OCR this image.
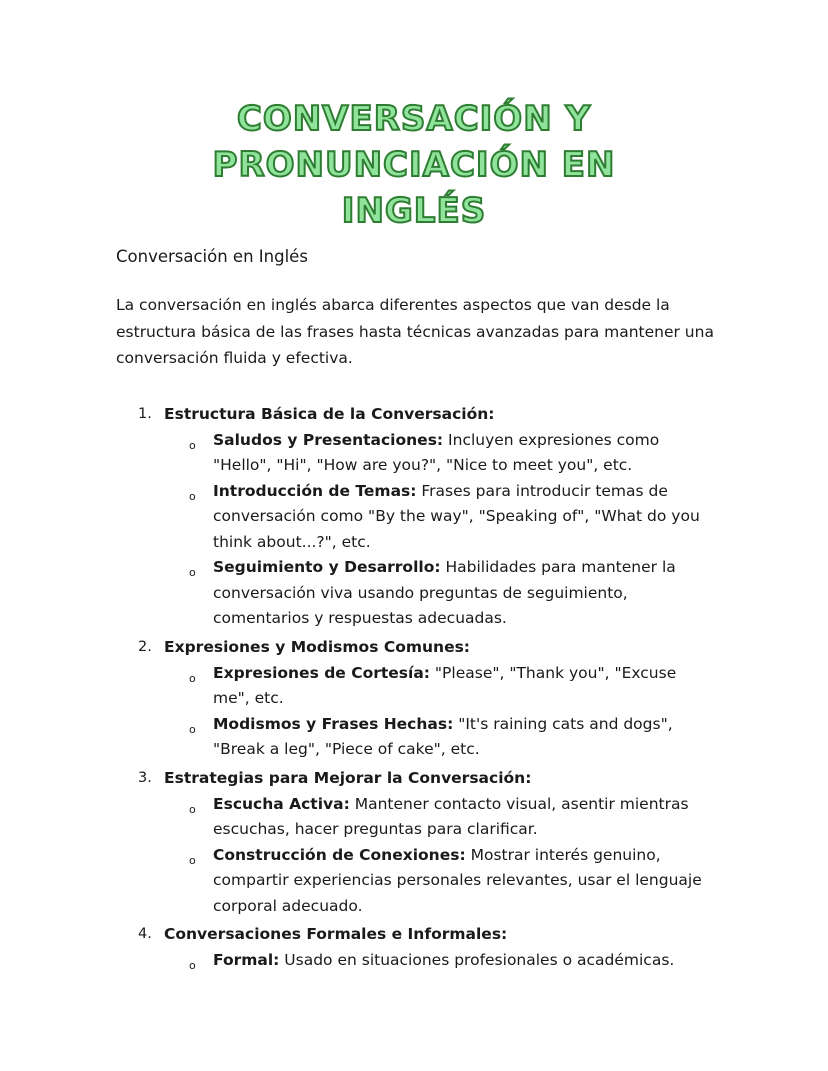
CONVERSACIÓN Y
PRONUNCIACIÓN EN
INGLÉS
Conversación en Inglés

La conversación en inglés abarca diferentes aspectos que van desde la estructura básica de las frases hasta técnicas avanzadas para mantener una conversación fluida y efectiva.

1. Estructura Básica de la Conversación:
o Saludos y Presentaciones: Incluyen expresiones como "Hello", "Hi", "How are you?", "Nice to meet you", etc.
o Introducción de Temas: Frases para introducir temas de conversación como "By the way", "Speaking of", "What do you think about...?", etc.
o Seguimiento y Desarrollo: Habilidades para mantener la conversación viva usando preguntas de seguimiento, comentarios y respuestas adecuadas.
2. Expresiones y Modismos Comunes:
o Expresiones de Cortesía: "Please", "Thank you", "Excuse me", etc.
o Modismos y Frases Hechas: "It's raining cats and dogs", "Break a leg", "Piece of cake", etc.
3. Estrategias para Mejorar la Conversación:
o Escucha Activa: Mantener contacto visual, asentir mientras escuchas, hacer preguntas para clarificar.
o Construcción de Conexiones: Mostrar interés genuino, compartir experiencias personales relevantes, usar el lenguaje corporal adecuado.
4. Conversaciones Formales e Informales:
o Formal: Usado en situaciones profesionales o académicas.
